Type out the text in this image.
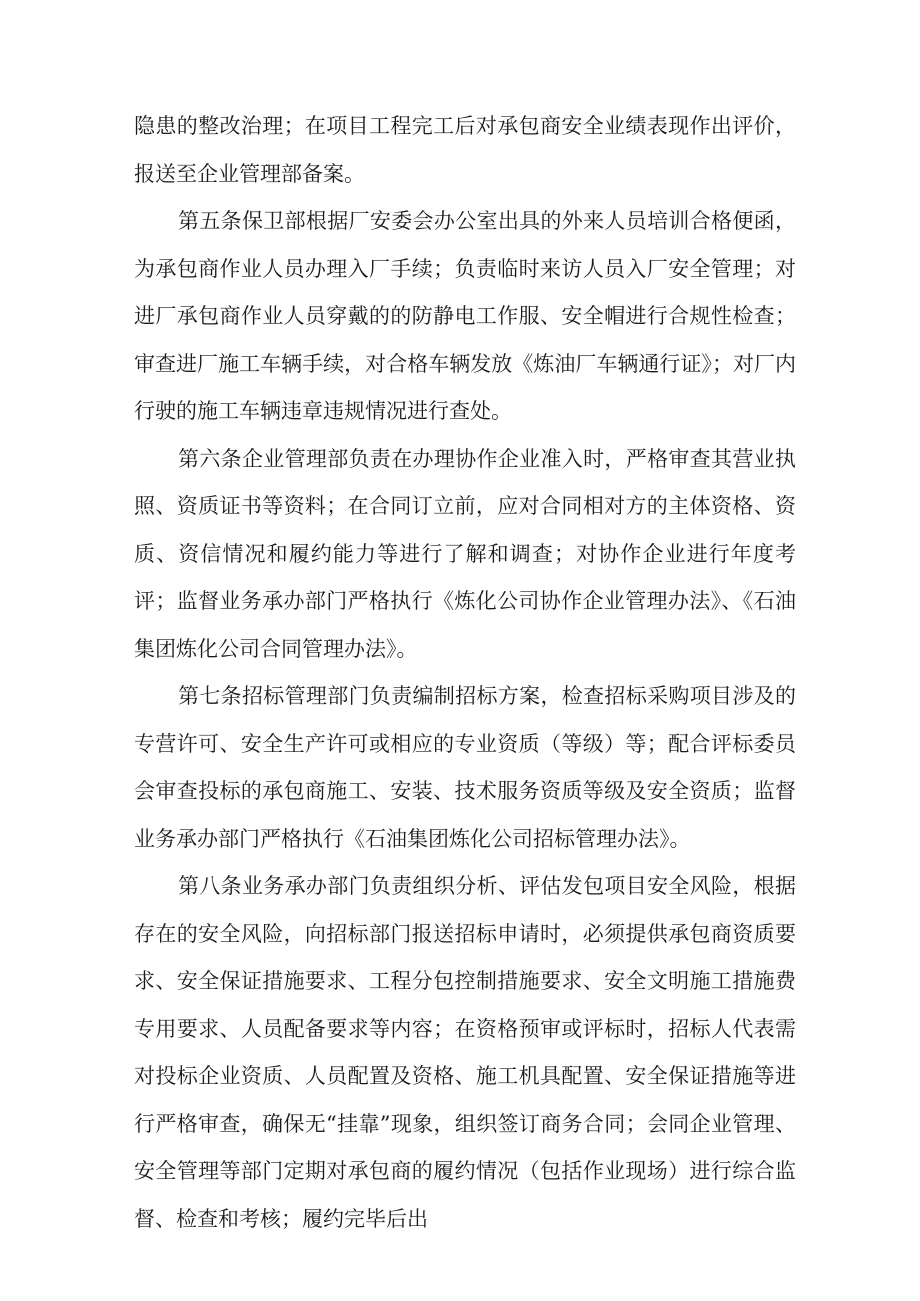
隐患的整改治理；在项目工程完工后对承包商安全业绩表现作出评价，报送至企业管理部备案。

第五条保卫部根据厂安委会办公室出具的外来人员培训合格便函，为承包商作业人员办理入厂手续；负责临时来访人员入厂安全管理；对进厂承包商作业人员穿戴的的防静电工作服、安全帽进行合规性检查；审查进厂施工车辆手续，对合格车辆发放《炼油厂车辆通行证》；对厂内行驶的施工车辆违章违规情况进行查处。

第六条企业管理部负责在办理协作企业准入时，严格审查其营业执照、资质证书等资料；在合同订立前，应对合同相对方的主体资格、资质、资信情况和履约能力等进行了解和调查；对协作企业进行年度考评；监督业务承办部门严格执行《炼化公司协作企业管理办法》、《石油集团炼化公司合同管理办法》。

第七条招标管理部门负责编制招标方案，检查招标采购项目涉及的专营许可、安全生产许可或相应的专业资质（等级）等；配合评标委员会审查投标的承包商施工、安装、技术服务资质等级及安全资质；监督业务承办部门严格执行《石油集团炼化公司招标管理办法》。

第八条业务承办部门负责组织分析、评估发包项目安全风险，根据存在的安全风险，向招标部门报送招标申请时，必须提供承包商资质要求、安全保证措施要求、工程分包控制措施要求、安全文明施工措施费专用要求、人员配备要求等内容；在资格预审或评标时，招标人代表需对投标企业资质、人员配置及资格、施工机具配置、安全保证措施等进行严格审查，确保无“挂靠”现象，组织签订商务合同；会同企业管理、安全管理等部门定期对承包商的履约情况（包括作业现场）进行综合监督、检查和考核；履约完毕后出
